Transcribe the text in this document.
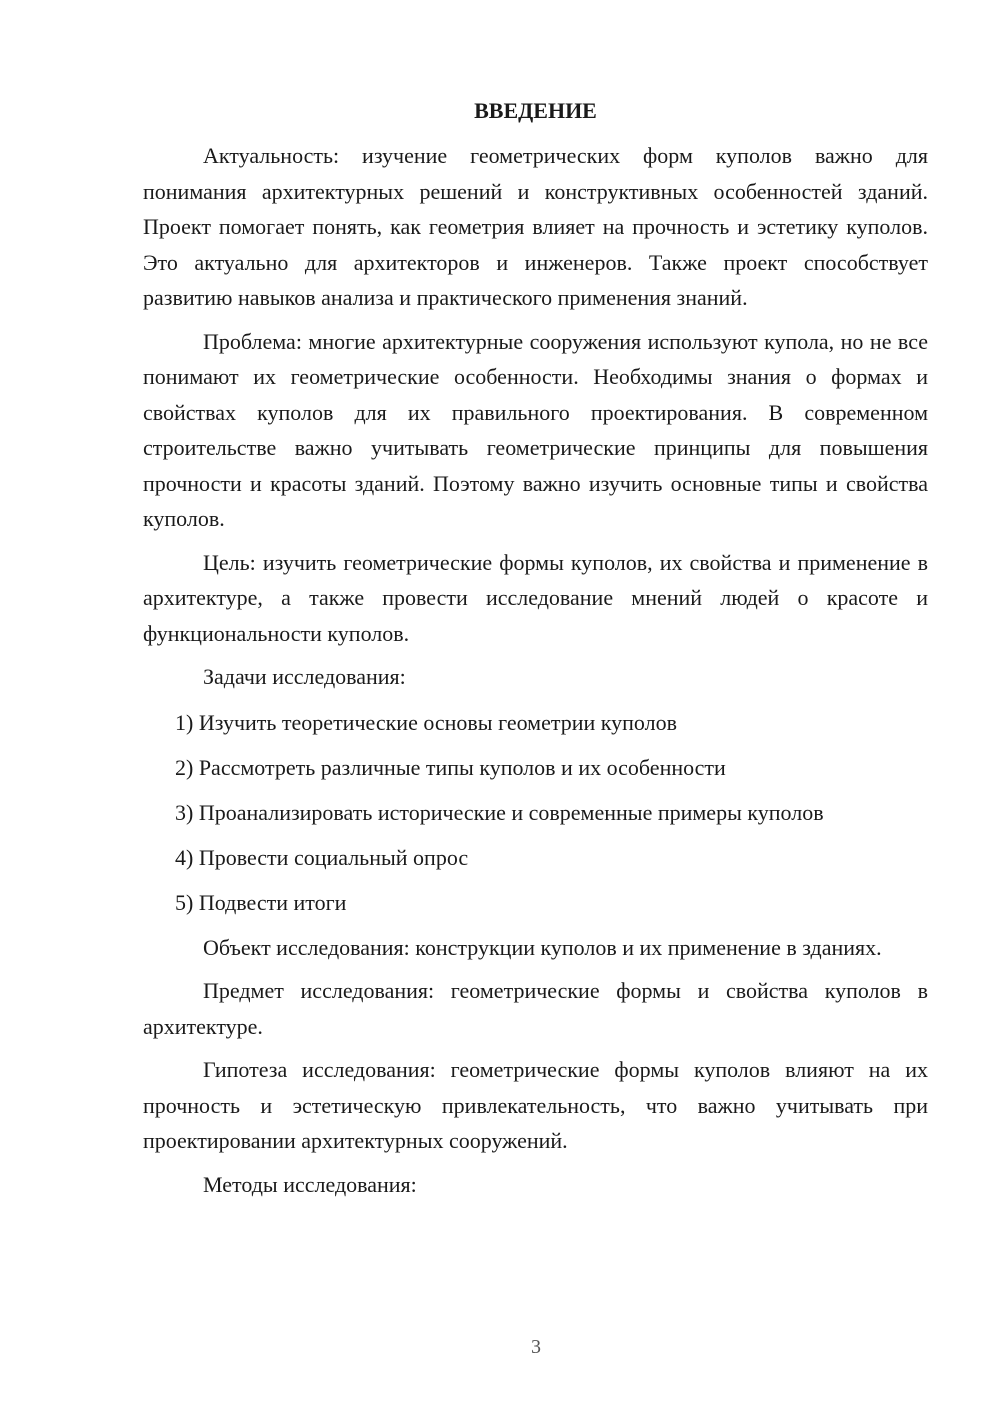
ВВЕДЕНИЕ

Актуальность: изучение геометрических форм куполов важно для понимания архитектурных решений и конструктивных особенностей зданий. Проект помогает понять, как геометрия влияет на прочность и эстетику куполов. Это актуально для архитекторов и инженеров. Также проект способствует развитию навыков анализа и практического применения знаний.

Проблема: многие архитектурные сооружения используют купола, но не все понимают их геометрические особенности. Необходимы знания о формах и свойствах куполов для их правильного проектирования. В современном строительстве важно учитывать геометрические принципы для повышения прочности и красоты зданий. Поэтому важно изучить основные типы и свойства куполов.

Цель: изучить геометрические формы куполов, их свойства и применение в архитектуре, а также провести исследование мнений людей о красоте и функциональности куполов.

Задачи исследования:

1) Изучить теоретические основы геометрии куполов
2) Рассмотреть различные типы куполов и их особенности
3) Проанализировать исторические и современные примеры куполов
4) Провести социальный опрос
5) Подвести итоги

Объект исследования: конструкции куполов и их применение в зданиях.

Предмет исследования: геометрические формы и свойства куполов в архитектуре.

Гипотеза исследования: геометрические формы куполов влияют на их прочность и эстетическую привлекательность, что важно учитывать при проектировании архитектурных сооружений.

Методы исследования:

3
